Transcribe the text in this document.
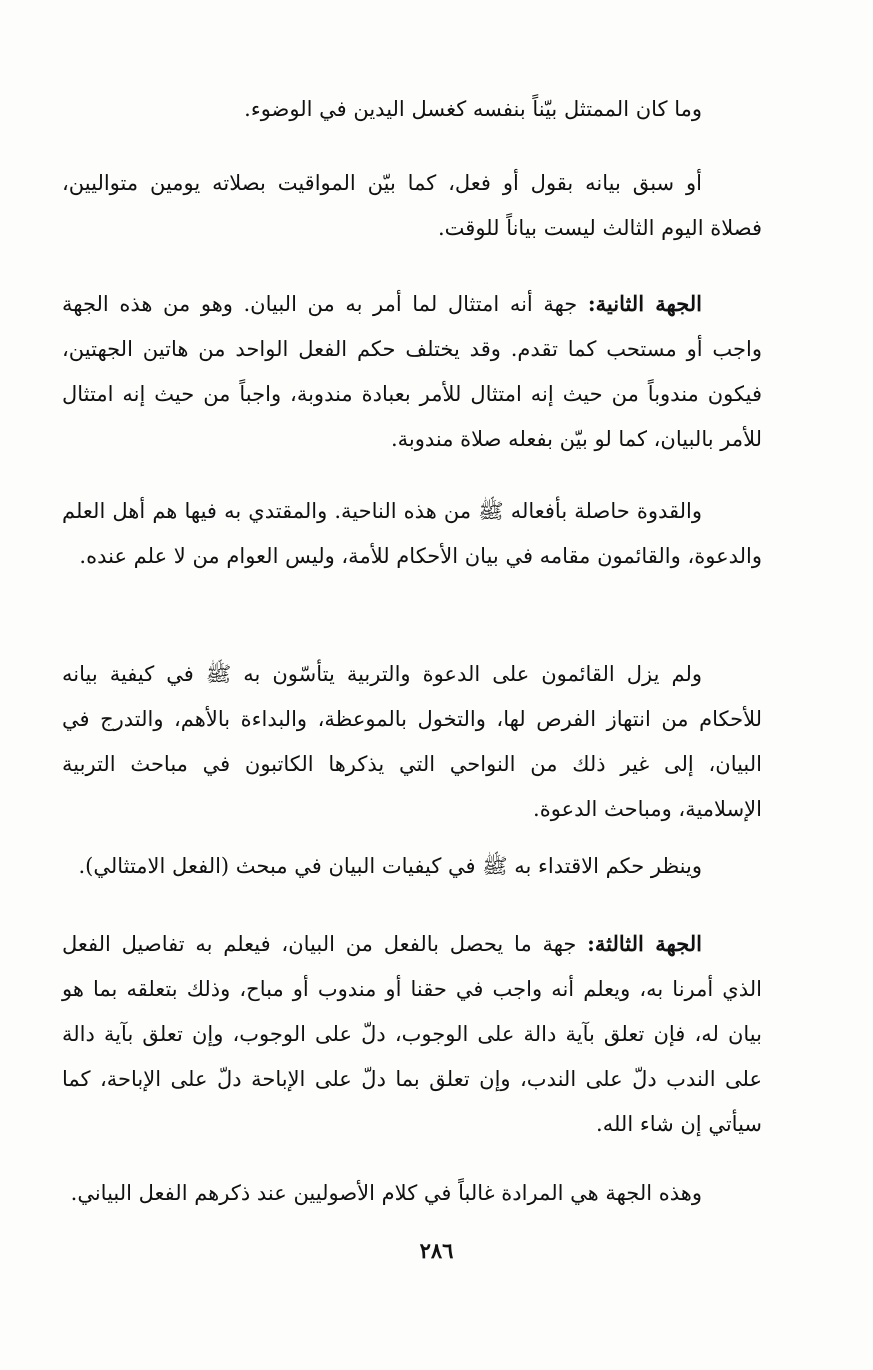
وما كان الممتثل بيّناً بنفسه كغسل اليدين في الوضوء.

أو سبق بيانه بقول أو فعل، كما بيّن المواقيت بصلاته يومين متواليين، فصلاة اليوم الثالث ليست بياناً للوقت.

الجهة الثانية: جهة أنه امتثال لما أمر به من البيان. وهو من هذه الجهة واجب أو مستحب كما تقدم. وقد يختلف حكم الفعل الواحد من هاتين الجهتين، فيكون مندوباً من حيث إنه امتثال للأمر بعبادة مندوبة، واجباً من حيث إنه امتثال للأمر بالبيان، كما لو بيّن بفعله صلاة مندوبة.

والقدوة حاصلة بأفعاله ﷺ من هذه الناحية. والمقتدي به فيها هم أهل العلم والدعوة، والقائمون مقامه في بيان الأحكام للأمة، وليس العوام من لا علم عنده.

ولم يزل القائمون على الدعوة والتربية يتأسّون به ﷺ في كيفية بيانه للأحكام من انتهاز الفرص لها، والتخول بالموعظة، والبداءة بالأهم، والتدرج في البيان، إلى غير ذلك من النواحي التي يذكرها الكاتبون في مباحث التربية الإسلامية، ومباحث الدعوة.

وينظر حكم الاقتداء به ﷺ في كيفيات البيان في مبحث (الفعل الامتثالي).

الجهة الثالثة: جهة ما يحصل بالفعل من البيان، فيعلم به تفاصيل الفعل الذي أمرنا به، ويعلم أنه واجب في حقنا أو مندوب أو مباح، وذلك بتعلقه بما هو بيان له، فإن تعلق بآية دالة على الوجوب، دلّ على الوجوب، وإن تعلق بآية دالة على الندب دلّ على الندب، وإن تعلق بما دلّ على الإباحة دلّ على الإباحة، كما سيأتي إن شاء الله.

وهذه الجهة هي المرادة غالباً في كلام الأصوليين عند ذكرهم الفعل البياني.

٢٨٦
